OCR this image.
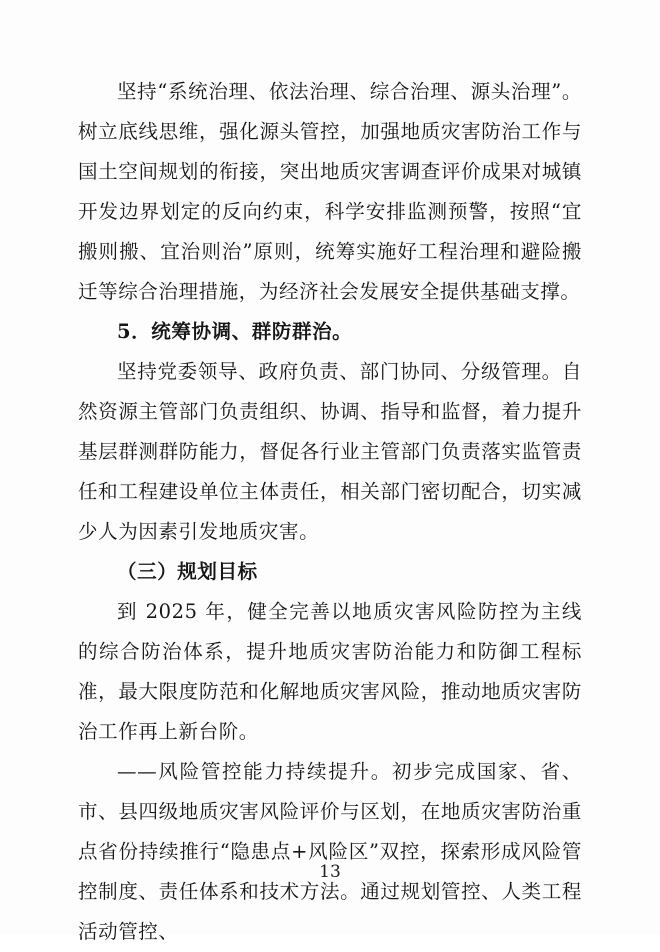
坚持“系统治理、依法治理、综合治理、源头治理”。树立底线思维，强化源头管控，加强地质灾害防治工作与国土空间规划的衔接，突出地质灾害调查评价成果对城镇开发边界划定的反向约束，科学安排监测预警，按照“宜搬则搬、宜治则治”原则，统筹实施好工程治理和避险搬迁等综合治理措施，为经济社会发展安全提供基础支撑。

5．统筹协调、群防群治。

坚持党委领导、政府负责、部门协同、分级管理。自然资源主管部门负责组织、协调、指导和监督，着力提升基层群测群防能力，督促各行业主管部门负责落实监管责任和工程建设单位主体责任，相关部门密切配合，切实减少人为因素引发地质灾害。

（三）规划目标

到 2025 年，健全完善以地质灾害风险防控为主线的综合防治体系，提升地质灾害防治能力和防御工程标准，最大限度防范和化解地质灾害风险，推动地质灾害防治工作再上新台阶。

——风险管控能力持续提升。初步完成国家、省、市、县四级地质灾害风险评价与区划，在地质灾害防治重点省份持续推行“隐患点+风险区”双控，探索形成风险管控制度、责任体系和技术方法。通过规划管控、人类工程活动管控、

13
